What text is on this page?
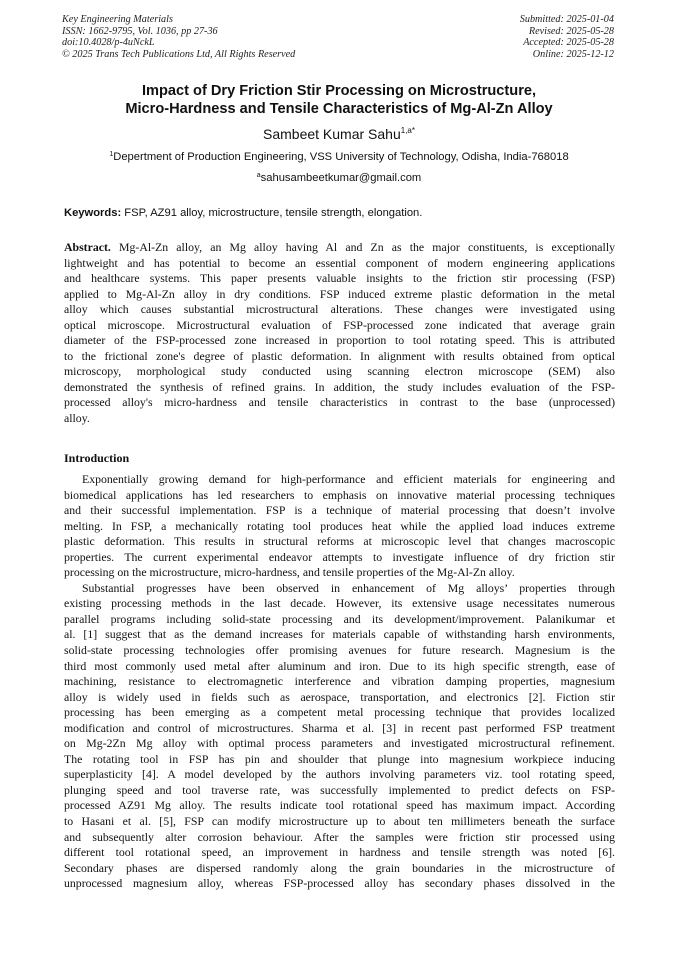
Key Engineering Materials
ISSN: 1662-9795, Vol. 1036, pp 27-36
doi:10.4028/p-4uNckL
© 2025 Trans Tech Publications Ltd, All Rights Reserved
Submitted: 2025-01-04
Revised: 2025-05-28
Accepted: 2025-05-28
Online: 2025-12-12
Impact of Dry Friction Stir Processing on Microstructure,
Micro-Hardness and Tensile Characteristics of Mg-Al-Zn Alloy
Sambeet Kumar Sahu$^{1,a*}$
$^1$Depertment of Production Engineering, VSS University of Technology, Odisha, India-768018
$^a$sahusambeetkumar@gmail.com
Keywords: FSP, AZ91 alloy, microstructure, tensile strength, elongation.
Abstract. Mg-Al-Zn alloy, an Mg alloy having Al and Zn as the major constituents, is exceptionally
lightweight and has potential to become an essential component of modern engineering applications
and healthcare systems. This paper presents valuable insights to the friction stir processing (FSP)
applied to Mg-Al-Zn alloy in dry conditions. FSP induced extreme plastic deformation in the metal
alloy which causes substantial microstructural alterations. These changes were investigated using
optical microscope. Microstructural evaluation of FSP-processed zone indicated that average grain
diameter of the FSP-processed zone increased in proportion to tool rotating speed. This is attributed
to the frictional zone's degree of plastic deformation. In alignment with results obtained from optical
microscopy, morphological study conducted using scanning electron microscope (SEM) also
demonstrated the synthesis of refined grains. In addition, the study includes evaluation of the FSP-
processed alloy's micro-hardness and tensile characteristics in contrast to the base (unprocessed)
alloy.
Introduction
Exponentially growing demand for high-performance and efficient materials for engineering and
biomedical applications has led researchers to emphasis on innovative material processing techniques
and their successful implementation. FSP is a technique of material processing that doesn’t involve
melting. In FSP, a mechanically rotating tool produces heat while the applied load induces extreme
plastic deformation. This results in structural reforms at microscopic level that changes macroscopic
properties. The current experimental endeavor attempts to investigate influence of dry friction stir
processing on the microstructure, micro-hardness, and tensile properties of the Mg-Al-Zn alloy.
Substantial progresses have been observed in enhancement of Mg alloys’ properties through
existing processing methods in the last decade. However, its extensive usage necessitates numerous
parallel programs including solid-state processing and its development/improvement. Palanikumar et
al. [1] suggest that as the demand increases for materials capable of withstanding harsh environments,
solid-state processing technologies offer promising avenues for future research. Magnesium is the
third most commonly used metal after aluminum and iron. Due to its high specific strength, ease of
machining, resistance to electromagnetic interference and vibration damping properties, magnesium
alloy is widely used in fields such as aerospace, transportation, and electronics [2]. Fiction stir
processing has been emerging as a competent metal processing technique that provides localized
modification and control of microstructures. Sharma et al. [3] in recent past performed FSP treatment
on Mg-2Zn Mg alloy with optimal process parameters and investigated microstructural refinement.
The rotating tool in FSP has pin and shoulder that plunge into magnesium workpiece inducing
superplasticity [4]. A model developed by the authors involving parameters viz. tool rotating speed,
plunging speed and tool traverse rate, was successfully implemented to predict defects on FSP-
processed AZ91 Mg alloy. The results indicate tool rotational speed has maximum impact. According
to Hasani et al. [5], FSP can modify microstructure up to about ten millimeters beneath the surface
and subsequently alter corrosion behaviour. After the samples were friction stir processed using
different tool rotational speed, an improvement in hardness and tensile strength was noted [6].
Secondary phases are dispersed randomly along the grain boundaries in the microstructure of
unprocessed magnesium alloy, whereas FSP-processed alloy has secondary phases dissolved in the
